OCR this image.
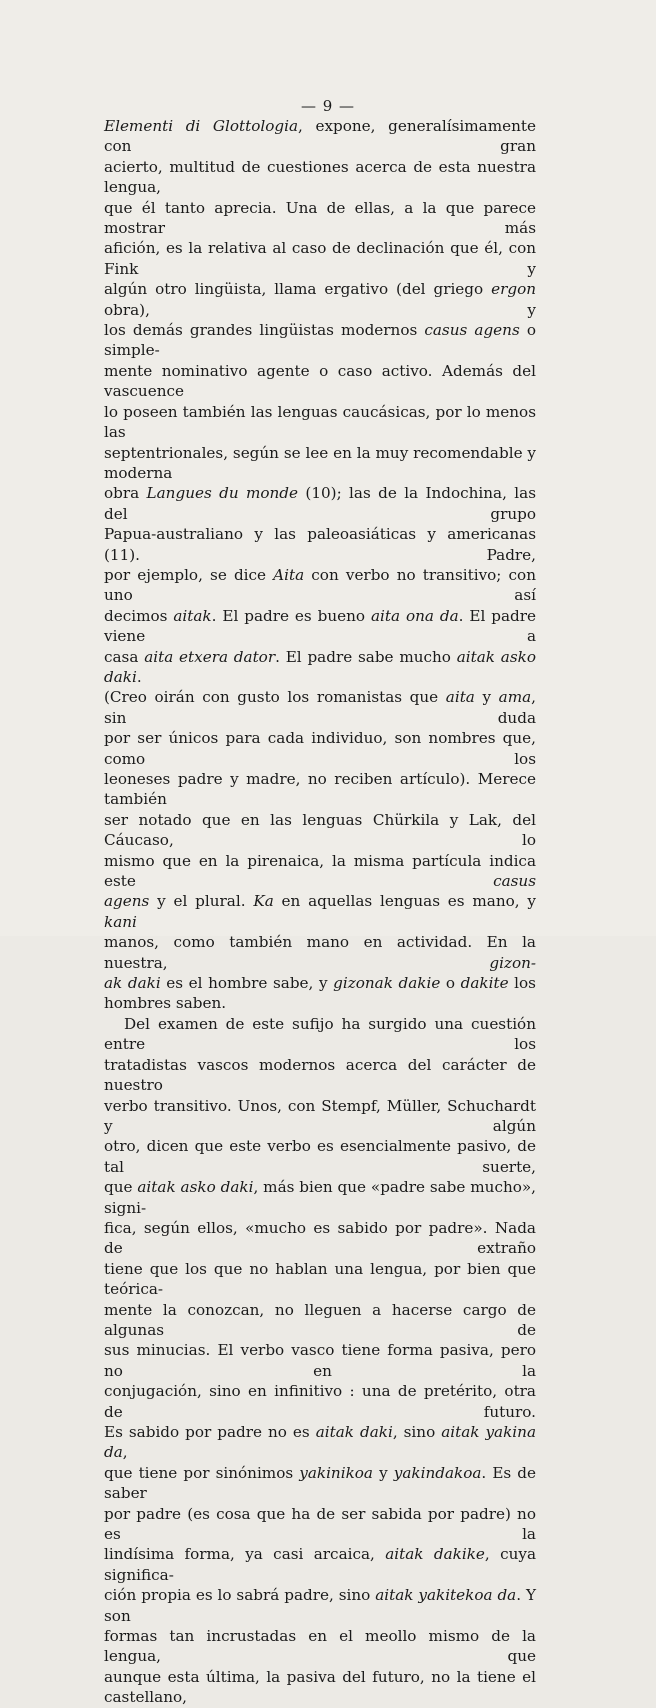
— 9 —

Elementi di Glottologia, expone, generalísimamente con gran

acierto, multitud de cuestiones acerca de esta nuestra lengua,

que él tanto aprecia. Una de ellas, a la que parece mostrar más

afición, es la relativa al caso de declinación que él, con Fink y

algún otro lingüista, llama ergativo (del griego ergon obra), y

los demás grandes lingüistas modernos casus agens o simple-

mente nominativo agente o caso activo. Además del vascuence

lo poseen también las lenguas caucásicas, por lo menos las

septentrionales, según se lee en la muy recomendable y moderna

obra Langues du monde (10); las de la Indochina, las del grupo

Papua-australiano y las paleoasiáticas y americanas (11). Padre,

por ejemplo, se dice Aita con verbo no transitivo; con uno así

decimos aitak. El padre es bueno aita ona da. El padre viene a

casa aita etxera dator. El padre sabe mucho aitak asko daki.

(Creo oirán con gusto los romanistas que aita y ama, sin duda

por ser únicos para cada individuo, son nombres que, como los

leoneses padre y madre, no reciben artículo). Merece también

ser notado que en las lenguas Chürkila y Lak, del Cáucaso, lo

mismo que en la pirenaica, la misma partícula indica este casus

agens y el plural. Ka en aquellas lenguas es mano, y kani

manos, como también mano en actividad. En la nuestra, gizon-

ak daki es el hombre sabe, y gizonak dakie o dakite los

hombres saben.

Del examen de este sufijo ha surgido una cuestión entre los

tratadistas vascos modernos acerca del carácter de nuestro

verbo transitivo. Unos, con Stempf, Müller, Schuchardt y algún

otro, dicen que este verbo es esencialmente pasivo, de tal suerte,

que aitak asko daki, más bien que «padre sabe mucho», signi-

fica, según ellos, «mucho es sabido por padre». Nada de extraño

tiene que los que no hablan una lengua, por bien que teórica-

mente la conozcan, no lleguen a hacerse cargo de algunas de

sus minucias. El verbo vasco tiene forma pasiva, pero no en la

conjugación, sino en infinitivo : una de pretérito, otra de futuro.

Es sabido por padre no es aitak daki, sino aitak yakina da,

que tiene por sinónimos yakinikoa y yakindakoa. Es de saber

por padre (es cosa que ha de ser sabida por padre) no es la

lindísima forma, ya casi arcaica, aitak dakike, cuya significa-

ción propia es lo sabrá padre, sino aitak yakitekoa da. Y son

formas tan incrustadas en el meollo mismo de la lengua, que

aunque esta última, la pasiva del futuro, no la tiene el castellano,
